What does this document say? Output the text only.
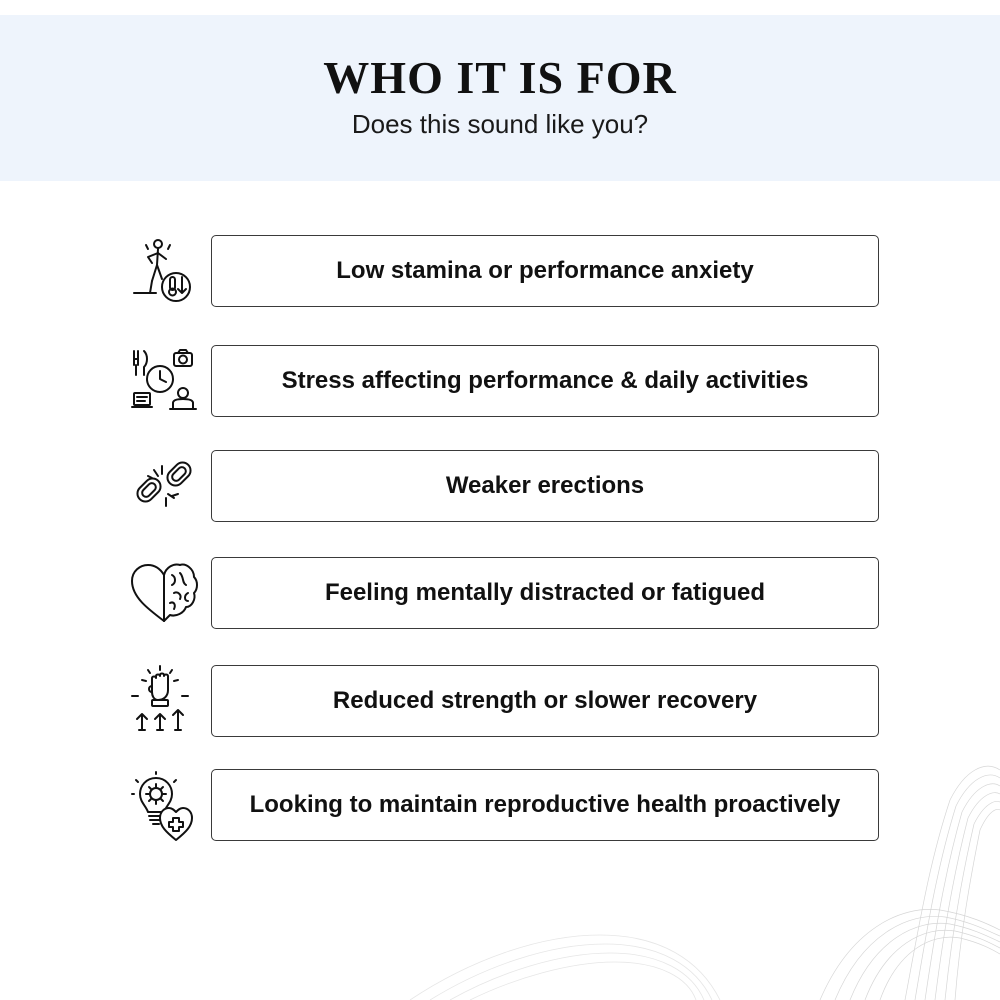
WHO IT IS FOR
Does this sound like you?
Low stamina or performance anxiety
Stress affecting performance & daily activities
Weaker erections
Feeling mentally distracted or fatigued
Reduced strength or slower recovery
Looking to maintain reproductive health proactively
